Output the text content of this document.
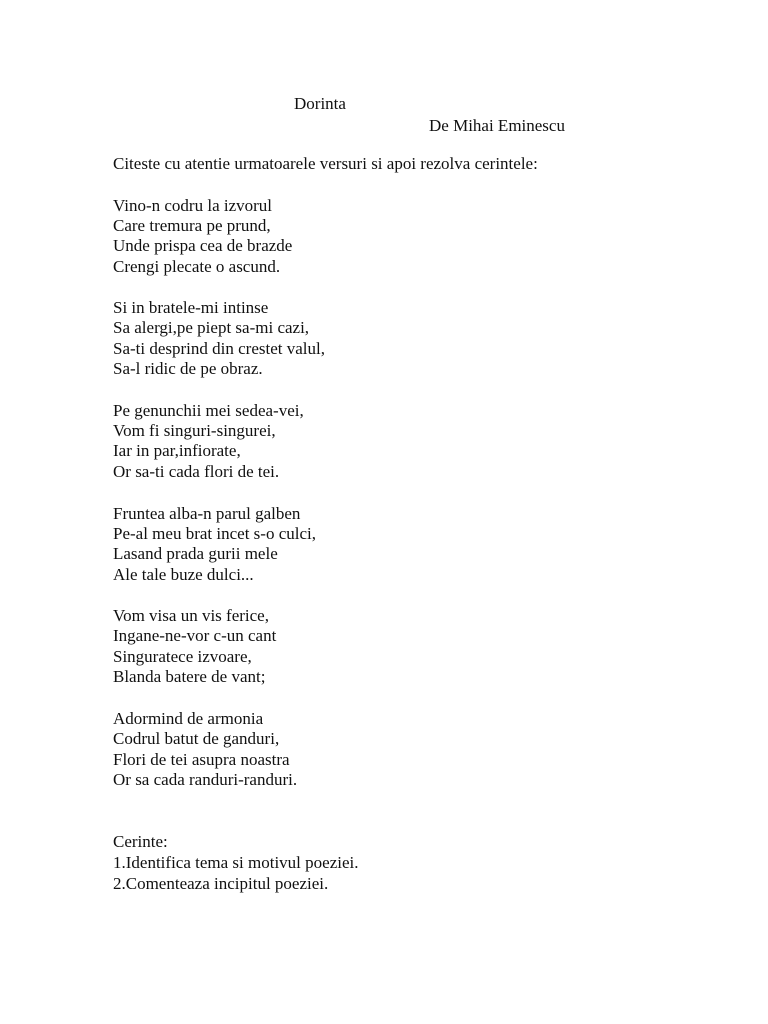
Dorinta
De Mihai Eminescu
Citeste cu atentie urmatoarele versuri si apoi rezolva cerintele:
Vino-n codru la izvorul
Care tremura pe prund,
Unde prispa cea de brazde
Crengi plecate o ascund.
Si in bratele-mi intinse
Sa alergi,pe piept sa-mi cazi,
Sa-ti desprind din crestet valul,
Sa-l ridic de pe obraz.
Pe genunchii mei sedea-vei,
Vom fi singuri-singurei,
Iar in par,infiorate,
Or sa-ti cada flori de tei.
Fruntea alba-n parul galben
Pe-al meu brat incet s-o culci,
Lasand prada gurii mele
Ale tale buze dulci...
Vom visa un vis ferice,
Ingane-ne-vor c-un cant
Singuratece izvoare,
Blanda batere de vant;
Adormind de armonia
Codrul batut de ganduri,
Flori de tei asupra noastra
Or sa cada randuri-randuri.
Cerinte:
1.Identifica tema si motivul poeziei.
2.Comenteaza incipitul poeziei.
